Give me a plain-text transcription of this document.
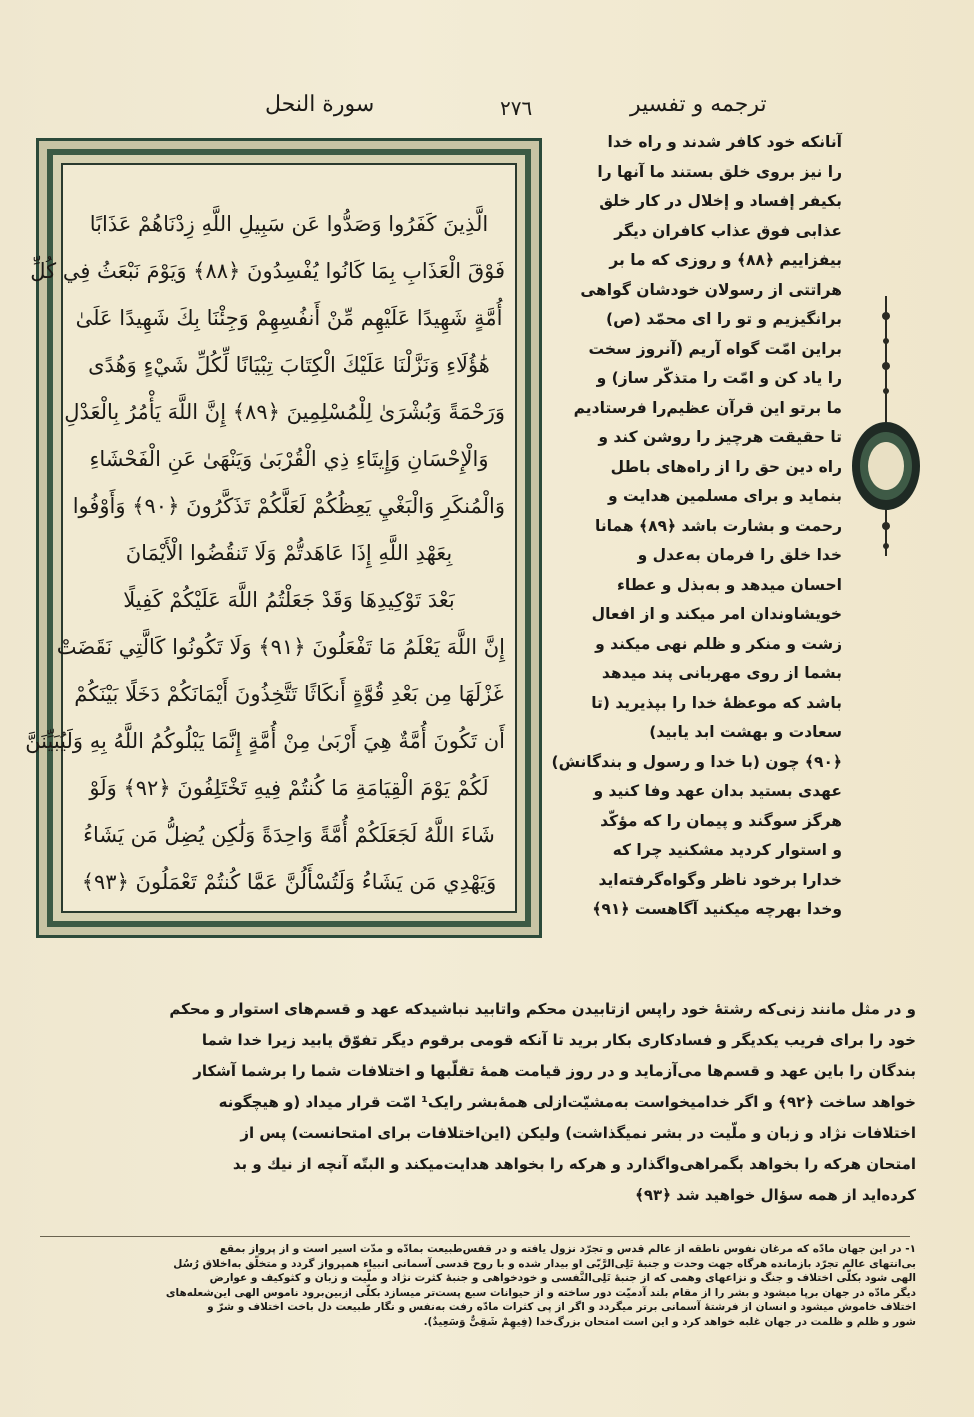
سورة النحل	٢٧٦	ترجمه و تفسير
الَّذِينَ كَفَرُوا وَصَدُّوا عَن سَبِيلِ اللَّهِ زِدْنَاهُمْ عَذَابًا
فَوْقَ الْعَذَابِ بِمَا كَانُوا يُفْسِدُونَ ﴿٨٨﴾ وَيَوْمَ نَبْعَثُ فِي كُلِّ
أُمَّةٍ شَهِيدًا عَلَيْهِم مِّنْ أَنفُسِهِمْ وَجِئْنَا بِكَ شَهِيدًا عَلَىٰ
هَٰؤُلَاءِ وَنَزَّلْنَا عَلَيْكَ الْكِتَابَ تِبْيَانًا لِّكُلِّ شَيْءٍ وَهُدًى
وَرَحْمَةً وَبُشْرَىٰ لِلْمُسْلِمِينَ ﴿٨٩﴾ إِنَّ اللَّهَ يَأْمُرُ بِالْعَدْلِ
وَالْإِحْسَانِ وَإِيتَاءِ ذِي الْقُرْبَىٰ وَيَنْهَىٰ عَنِ الْفَحْشَاءِ
وَالْمُنكَرِ وَالْبَغْيِ يَعِظُكُمْ لَعَلَّكُمْ تَذَكَّرُونَ ﴿٩٠﴾ وَأَوْفُوا
بِعَهْدِ اللَّهِ إِذَا عَاهَدتُّمْ وَلَا تَنقُضُوا الْأَيْمَانَ
بَعْدَ تَوْكِيدِهَا وَقَدْ جَعَلْتُمُ اللَّهَ عَلَيْكُمْ كَفِيلًا
إِنَّ اللَّهَ يَعْلَمُ مَا تَفْعَلُونَ ﴿٩١﴾ وَلَا تَكُونُوا كَالَّتِي نَقَضَتْ
غَزْلَهَا مِن بَعْدِ قُوَّةٍ أَنكَاثًا تَتَّخِذُونَ أَيْمَانَكُمْ دَخَلًا بَيْنَكُمْ
أَن تَكُونَ أُمَّةٌ هِيَ أَرْبَىٰ مِنْ أُمَّةٍ إِنَّمَا يَبْلُوكُمُ اللَّهُ بِهِ وَلَيُبَيِّنَنَّ
لَكُمْ يَوْمَ الْقِيَامَةِ مَا كُنتُمْ فِيهِ تَخْتَلِفُونَ ﴿٩٢﴾ وَلَوْ
شَاءَ اللَّهُ لَجَعَلَكُمْ أُمَّةً وَاحِدَةً وَلَٰكِن يُضِلُّ مَن يَشَاءُ
وَيَهْدِي مَن يَشَاءُ وَلَتُسْأَلُنَّ عَمَّا كُنتُمْ تَعْمَلُونَ ﴿٩٣﴾
آنانکه خود کافر شدند و راه خدا
را نیز بروی خلق بستند ما آنها را
بکیفر إفساد و إخلال در کار خلق
عذابی فوق عذاب کافران دیگر
بیفزاییم ﴿٨٨﴾ و روزی که ما بر
هراتتی از رسولان خودشان گواهی
برانگیزیم و تو را ای محمّد (ص)
براین امّت گواه آریم (آنروز سخت
را یاد کن و امّت را متذکّر ساز) و
ما برتو این قرآن عظیم‌را فرستادیم
تا حقیقت هرچیز را روشن کند و
راه دین حق را از راه‌های باطل
بنماید و برای مسلمین هدایت و
رحمت و بشارت باشد ﴿٨٩﴾ همانا
خدا خلق را فرمان به‌عدل و
احسان میدهد و به‌بذل و عطاء
خویشاوندان امر میکند و از افعال
زشت و منکر و ظلم نهی میکند و
بشما از روی مهربانی پند میدهد
باشد که موعظهٔ خدا را بپذیرید (تا
سعادت و بهشت ابد یابید)
﴿٩٠﴾ چون (با خدا و رسول و بندگانش)
عهدی بستید بدان عهد وفا کنید و
هرگز سوگند و پیمان را که مؤکّد
و استوار کردید مشکنید چرا که
خدارا برخود ناظر وگواه‌گرفته‌اید
وخدا بهرچه میکنید آگاهست ﴿٩١﴾
و در مثل مانند زنی‌که رشتهٔ خود راپس ازتابیدن محکم واتابید نباشیدکه عهد و قسم‌های استوار و محکم
خود را برای فریب یکدیگر و فسادکاری بکار برید تا آنکه قومی برقوم دیگر تفوّق یابید زیرا خدا شما
بندگان را باین عهد و قسم‌ها می‌آزماید و در روز قیامت همهٔ تقلّبها و اختلافات شما را برشما آشکار
خواهد ساخت ﴿٩٢﴾ و اگر خدامیخواست به‌مشیّت‌ازلی همهٔ‌بشر رایک¹ امّت قرار میداد (و هیچگونه
اختلافات نژاد و زبان و ملّیت در بشر نمیگذاشت) ولیکن (این‌اختلافات برای امتحانست) پس از
امتحان هرکه را بخواهد بگمراهی‌واگذارد و هرکه را بخواهد هدایت‌میکند و البتّه آنچه از نیك و بد
کرده‌اید از همه سؤال خواهید شد ﴿٩٣﴾
١- در این جهان مادّه که مرغان نفوس ناطقه از عالم قدس و تجرّد نزول یافته و در قفس‌طبیعت بمادّه و مدّت اسیر است و از پرواز بمقع
بی‌انتهای عالم تجرّد بازمانده هرگاه جهت وحدت و جنبهٔ تَلِی‌الرَّبّی او بیدار شده و با روح قدسی آسمانی انبیاء همپرواز گردد و متخلّق به‌اخلاق رُسُل
الهی شود بکلّی اختلاف و جنگ و نزاعهای وهمی که از جنبهٔ تَلِی‌النَّفسی و خودخواهی و جنبهٔ کثرت نژاد و ملّیت و زبان و کثوکیف و عوارض
دیگر مادّه در جهان برپا میشود و بشر را از مقام بلند آدمیّت دور ساخته و از حیوانات سبع پست‌تر میسازد بکلّی ازبین‌برود ناموس الهی این‌شعله‌های
اختلاف خاموش میشود و انسان از فرشتهٔ آسمانی برتر میگردد و اگر از پی کثرات مادّه رفت به‌نفس و نگار طبیعت دل باخت اختلاف و شرّ و
شور و ظلم و ظلمت در جهان غلبه خواهد کرد و این است امتحان بزرگ‌خدا (فِیهِمْ شَقِیٌّ وَسَعِیدٌ).
